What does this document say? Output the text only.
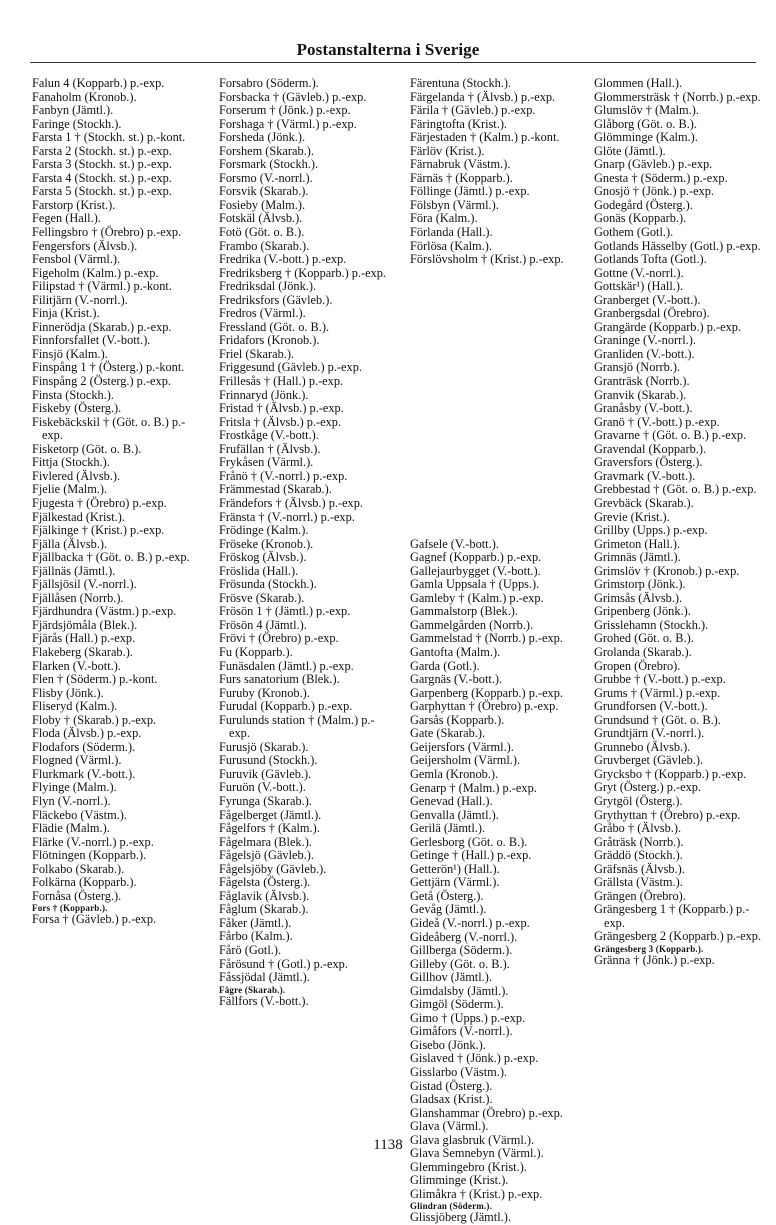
Postanstalterna i Sverige
Falun 4 (Kopparb.) p.-exp.
Fanaholm (Kronob.).
Fanbyn (Jämtl.).
Faringe (Stockh.).
Farsta 1 † (Stockh. st.) p.-kont.
Farsta 2 (Stockh. st.) p.-exp.
Farsta 3 (Stockh. st.) p.-exp.
Farsta 4 (Stockh. st.) p.-exp.
Farsta 5 (Stockh. st.) p.-exp.
Farstorp (Krist.).
Fegen (Hall.).
Fellingsbro † (Örebro) p.-exp.
Fengersfors (Älvsb.).
Fensbol (Värml.).
Figeholm (Kalm.) p.-exp.
Filipstad † (Värml.) p.-kont.
Filitjärn (V.-norrl.).
Finja (Krist.).
Finnerödja (Skarab.) p.-exp.
Finnforsfallet (V.-bott.).
Finsjö (Kalm.).
Finspång 1 † (Österg.) p.-kont.
Finspång 2 (Österg.) p.-exp.
Finsta (Stockh.).
Fiskeby (Österg.).
Fiskebäckskil † (Göt. o. B.) p.-exp.
Fisketorp (Göt. o. B.).
Fittja (Stockh.).
Fivlered (Älvsb.).
Fjelie (Malm.).
Fjugesta † (Örebro) p.-exp.
Fjälkestad (Krist.).
Fjälkinge † (Krist.) p.-exp.
Fjälla (Älvsb.).
Fjällbacka † (Göt. o. B.) p.-exp.
Fjällnäs (Jämtl.).
Fjällsjösil (V.-norrl.).
Fjällåsen (Norrb.).
Fjärdhundra (Västm.) p.-exp.
Fjärdsjömåla (Blek.).
Fjärås (Hall.) p.-exp.
Flakeberg (Skarab.).
Flarken (V.-bott.).
Flen † (Söderm.) p.-kont.
Flisby (Jönk.).
Fliseryd (Kalm.).
Floby † (Skarab.) p.-exp.
Floda (Älvsb.) p.-exp.
Flodafors (Söderm.).
Flogned (Värml.).
Flurkmark (V.-bott.).
Flyinge (Malm.).
Flyn (V.-norrl.).
Fläckebo (Västm.).
Flädie (Malm.).
Flärke (V.-norrl.) p.-exp.
Flötningen (Kopparb.).
Folkabo (Skarab.).
Folkärna (Kopparb.).
Fornåsa (Österg.).
Fors † (Kopparb.).
Forsa † (Gävleb.) p.-exp.
Forsabro (Söderm.).
Forsbacka † (Gävleb.) p.-exp.
Forserum † (Jönk.) p.-exp.
Forshaga † (Värml.) p.-exp.
Forsheda (Jönk.).
Forshem (Skarab.).
Forsmark (Stockh.).
Forsmo (V.-norrl.).
Forsvik (Skarab.).
Fosieby (Malm.).
Fotskäl (Älvsb.).
Fotö (Göt. o. B.).
Frambo (Skarab.).
Fredrika (V.-bott.) p.-exp.
Fredriksberg † (Kopparb.) p.-exp.
Fredriksdal (Jönk.).
Fredriksfors (Gävleb.).
Fredros (Värml.).
Fressland (Göt. o. B.).
Fridafors (Kronob.).
Friel (Skarab.).
Friggesund (Gävleb.) p.-exp.
Frillesås † (Hall.) p.-exp.
Frinnaryd (Jönk.).
Fristad † (Älvsb.) p.-exp.
Fritsla † (Älvsb.) p.-exp.
Frostkåge (V.-bott.).
Frufällan † (Älvsb.).
Frykåsen (Värml.).
Frånö † (V.-norrl.) p.-exp.
Främmestad (Skarab.).
Frändefors † (Älvsb.) p.-exp.
Fränsta † (V.-norrl.) p.-exp.
Frödinge (Kalm.).
Fröseke (Kronob.).
Fröskog (Älvsb.).
Fröslida (Hall.).
Frösunda (Stockh.).
Frösve (Skarab.).
Frösön 1 † (Jämtl.) p.-exp.
Frösön 4 (Jämtl.).
Frövi † (Örebro) p.-exp.
Fu (Kopparb.).
Funäsdalen (Jämtl.) p.-exp.
Furs sanatorium (Blek.).
Furuby (Kronob.).
Furudal (Kopparb.) p.-exp.
Furulunds station † (Malm.) p.-exp.
Furusjö (Skarab.).
Furusund (Stockh.).
Furuvik (Gävleb.).
Furuön (V.-bott.).
Fyrunga (Skarab.).
Fågelberget (Jämtl.).
Fågelfors † (Kalm.).
Fågelmara (Blek.).
Fågelsjö (Gävleb.).
Fågelsjöby (Gävleb.).
Fågelsta (Österg.).
Fåglavik (Älvsb.).
Fåglum (Skarab.).
Fåker (Jämtl.).
Fårbo (Kalm.).
Fårö (Gotl.).
Fårösund † (Gotl.) p.-exp.
Fåssjödal (Jämtl.).
Fägre (Skarab.).
Fällfors (V.-bott.).
Färentuna (Stockh.).
Färgelanda † (Älvsb.) p.-exp.
Färila † (Gävleb.) p.-exp.
Färingtofta (Krist.).
Färjestaden † (Kalm.) p.-kont.
Färlöv (Krist.).
Färnabruk (Västm.).
Färnäs † (Kopparb.).
Föllinge (Jämtl.) p.-exp.
Fölsbyn (Värml.).
Föra (Kalm.).
Förlanda (Hall.).
Förlösa (Kalm.).
Förslövsholm † (Krist.) p.-exp.
Gafsele (V.-bott.).
Gagnef (Kopparb.) p.-exp.
Gallejaurbygget (V.-bott.).
Gamla Uppsala † (Upps.).
Gamleby † (Kalm.) p.-exp.
Gammalstorp (Blek.).
Gammelgården (Norrb.).
Gammelstad † (Norrb.) p.-exp.
Gantofta (Malm.).
Garda (Gotl.).
Gargnäs (V.-bott.).
Garpenberg (Kopparb.) p.-exp.
Garphyttan † (Örebro) p.-exp.
Garsås (Kopparb.).
Gate (Skarab.).
Geijersfors (Värml.).
Geijersholm (Värml.).
Gemla (Kronob.).
Genarp † (Malm.) p.-exp.
Genevad (Hall.).
Genvalla (Jämtl.).
Gerilä (Jämtl.).
Gerlesborg (Göt. o. B.).
Getinge † (Hall.) p.-exp.
Getterön¹) (Hall.).
Gettjärn (Värml.).
Getå (Österg.).
Gevåg (Jämtl.).
Gideå (V.-norrl.) p.-exp.
Gideåberg (V.-norrl.).
Gillberga (Söderm.).
Gilleby (Göt. o. B.).
Gillhov (Jämtl.).
Gimdalsby (Jämtl.).
Gimgöl (Söderm.).
Gimo † (Upps.) p.-exp.
Gimåfors (V.-norrl.).
Gisebo (Jönk.).
Gislaved † (Jönk.) p.-exp.
Gisslarbo (Västm.).
Gistad (Österg.).
Gladsax (Krist.).
Glanshammar (Örebro) p.-exp.
Glava (Värml.).
Glava glasbruk (Värml.).
Glava Semnebyn (Värml.).
Glemmingebro (Krist.).
Glimminge (Krist.).
Glimåkra † (Krist.) p.-exp.
Glindran (Söderm.).
Glissjöberg (Jämtl.).
Glommen (Hall.).
Glommersträsk † (Norrb.) p.-exp.
Glumslöv † (Malm.).
Glåborg (Göt. o. B.).
Glömminge (Kalm.).
Glöte (Jämtl.).
Gnarp (Gävleb.) p.-exp.
Gnesta † (Söderm.) p.-exp.
Gnosjö † (Jönk.) p.-exp.
Godegård (Österg.).
Gonäs (Kopparb.).
Gothem (Gotl.).
Gotlands Hässelby (Gotl.) p.-exp.
Gotlands Tofta (Gotl.).
Gottne (V.-norrl.).
Gottskär¹) (Hall.).
Granberget (V.-bott.).
Granbergsdal (Örebro).
Grangärde (Kopparb.) p.-exp.
Graninge (V.-norrl.).
Granliden (V.-bott.).
Gransjö (Norrb.).
Granträsk (Norrb.).
Granvik (Skarab.).
Granåsby (V.-bott.).
Granö † (V.-bott.) p.-exp.
Gravarne † (Göt. o. B.) p.-exp.
Gravendal (Kopparb.).
Graversfors (Österg.).
Gravmark (V.-bott.).
Grebbestad † (Göt. o. B.) p.-exp.
Grevbäck (Skarab.).
Grevie (Krist.).
Grillby (Upps.) p.-exp.
Grimeton (Hall.).
Grimnäs (Jämtl.).
Grimslöv † (Kronob.) p.-exp.
Grimstorp (Jönk.).
Grimsås (Älvsb.).
Gripenberg (Jönk.).
Grisslehamn (Stockh.).
Grohed (Göt. o. B.).
Grolanda (Skarab.).
Gropen (Örebro).
Grubbe † (V.-bott.) p.-exp.
Grums † (Värml.) p.-exp.
Grundforsen (V.-bott.).
Grundsund † (Göt. o. B.).
Grundtjärn (V.-norrl.).
Grunnebo (Älvsb.).
Gruvberget (Gävleb.).
Grycksbo † (Kopparb.) p.-exp.
Gryt (Österg.) p.-exp.
Grytgöl (Österg.).
Grythyttan † (Örebro) p.-exp.
Gråbo † (Älvsb.).
Gråträsk (Norrb.).
Gräddö (Stockh.).
Gräfsnäs (Älvsb.).
Grällsta (Västm.).
Grängen (Örebro).
Grängesberg 1 † (Kopparb.) p.-exp.
Grängesberg 2 (Kopparb.) p.-exp.
Grängesberg 3 (Kopparb.).
Gränna † (Jönk.) p.-exp.
1138
